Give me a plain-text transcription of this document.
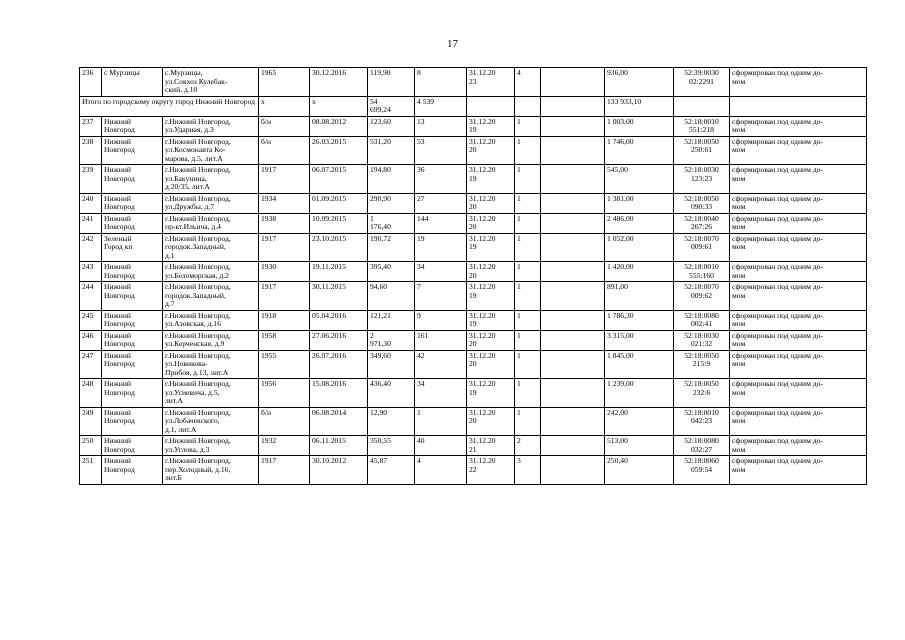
17
236	с Мурзицы	с.Мурзицы,
ул.Совхоз Кулебак-
ский, д.10	1965	30.12.2016	119,90	8	31.12.20
23	4		936,00	52:39:0030
02:2291	сформирован под одним до-
мом
Итого по городскому округу город Нижний Новгород			x	x	54
699,24	4 539				133 933,10		
237	Нижний
Новгород	г.Нижний Новгород,
ул.Ударная, д.3	б/н	08.08.2012	123,60	13	31.12.20
19	1		1 003,00	52:18:0010
551:218	сформирован под одним до-
мом
238	Нижний
Новгород	г.Нижний Новгород,
ул.Космонавта Ко-
марова, д.5, лит.А	б/н	26.03.2015	531,20	53	31.12.20
20	1		1 746,00	52:18:0050
250:61	сформирован под одним до-
мом
239	Нижний
Новгород	г.Нижний Новгород,
ул.Бакунина,
д.20/35, лит.А	1917	06.07.2015	194,80	36	31.12.20
19	1		545,00	52:18:0030
123:23	сформирован под одним до-
мом
240	Нижний
Новгород	г.Нижний Новгород,
ул.Дружбы, д.7	1934	01.09.2015	290,90	27	31.12.20
20	1		1 381,00	52:18:0050
090:33	сформирован под одним до-
мом
241	Нижний
Новгород	г.Нижний Новгород,
пр-кт.Ильича, д.4	1938	10.09.2015	1
176,40	144	31.12.20
20	1		2 486,00	52:18:0040
267:26	сформирован под одним до-
мом
242	Зеленый
Город кп	г.Нижний Новгород,
городок.Западный,
д.1	1917	23.10.2015	190,72	19	31.12.20
19	1		1 052,00	52:18:0070
009:61	сформирован под одним до-
мом
243	Нижний
Новгород	г.Нижний Новгород,
ул.Беломорская, д.2	1930	19.11.2015	395,40	34	31.12.20
20	1		1 420,00	52:18:0010
555:160	сформирован под одним до-
мом
244	Нижний
Новгород	г.Нижний Новгород,
городок.Западный,
д.7	1917	30.11.2015	94,60	7	31.12.20
19	1		891,00	52:18:0070
009:62	сформирован под одним до-
мом
245	Нижний
Новгород	г.Нижний Новгород,
ул.Азовская, д.16	1918	05.04.2016	121,21	9	31.12.20
19	1		1 786,30	52:18:0080
002:41	сформирован под одним до-
мом
246	Нижний
Новгород	г.Нижний Новгород,
ул.Керченская, д.9	1958	27.06.2016	2
971,30	161	31.12.20
20	1		3 315,00	52:18:0030
021:32	сформирован под одним до-
мом
247	Нижний
Новгород	г.Нижний Новгород,
ул.Новикова-
Прибоя, д.13, лит.А	1955	26.07.2016	349,60	42	31.12.20
20	1		1 845,00	52:18:0050
215:9	сформирован под одним до-
мом
248	Нижний
Новгород	г.Нижний Новгород,
ул.Усиевича, д.5,
лит.А	1956	15.08.2016	436,40	34	31.12.20
19	1		1 239,00	52:18:0050
232:6	сформирован под одним до-
мом
249	Нижний
Новгород	г.Нижний Новгород,
ул.Лобачевского,
д.1, лит.А	б/н	06.08.2014	12,90	1	31.12.20
20	1		242,00	52:18:0010
042:23	сформирован под одним до-
мом
250	Нижний
Новгород	г.Нижний Новгород,
ул.Углова, д.3	1932	06.11.2015	350,55	40	31.12.20
21	2		513,00	52:18:0080
032:27	сформирован под одним до-
мом
251	Нижний
Новгород	г.Нижний Новгород,
пер.Холодный, д.16,
лит.Б	1917	30.10.2012	45,87	4	31.12.20
22	3		250,40	52:18:0060
059:54	сформирован под одним до-
мом
